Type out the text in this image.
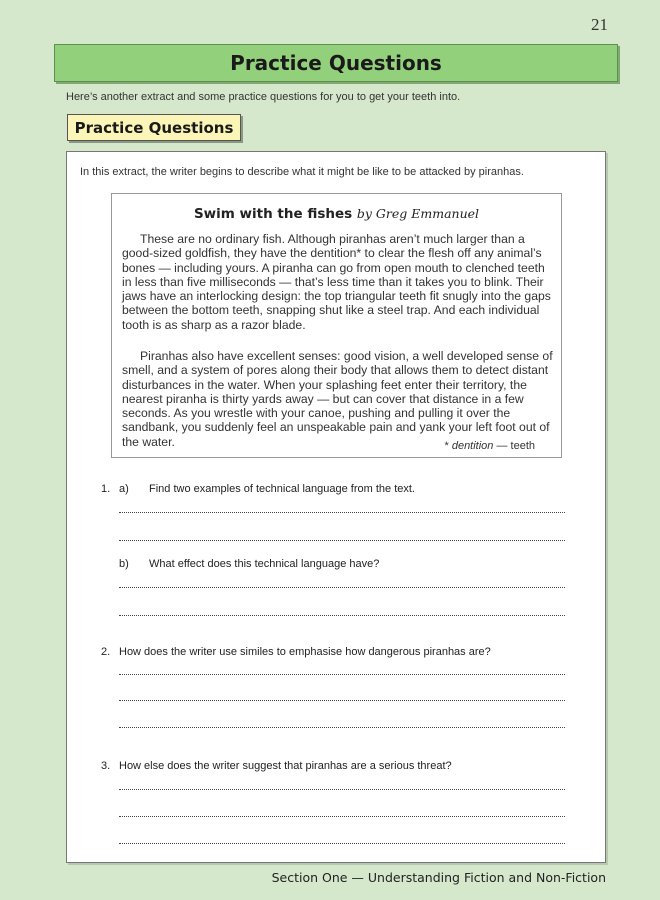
21
Practice Questions
Here’s another extract and some practice questions for you to get your teeth into.
Practice Questions
In this extract, the writer begins to describe what it might be like to be attacked by piranhas.
Swim with the fishes by Greg Emmanuel
These are no ordinary fish. Although piranhas aren’t much larger than a good-sized goldfish, they have the dentition* to clear the flesh off any animal’s bones — including yours. A piranha can go from open mouth to clenched teeth in less than five milliseconds — that’s less time than it takes you to blink. Their jaws have an interlocking design: the top triangular teeth fit snugly into the gaps between the bottom teeth, snapping shut like a steel trap. And each individual tooth is as sharp as a razor blade.
Piranhas also have excellent senses: good vision, a well developed sense of smell, and a system of pores along their body that allows them to detect distant disturbances in the water. When your splashing feet enter their territory, the nearest piranha is thirty yards away — but can cover that distance in a few seconds. As you wrestle with your canoe, pushing and pulling it over the sandbank, you suddenly feel an unspeakable pain and yank your left foot out of the water.	* dentition — teeth
1. a) Find two examples of technical language from the text.
b) What effect does this technical language have?
2. How does the writer use similes to emphasise how dangerous piranhas are?
3. How else does the writer suggest that piranhas are a serious threat?
Section One — Understanding Fiction and Non-Fiction
